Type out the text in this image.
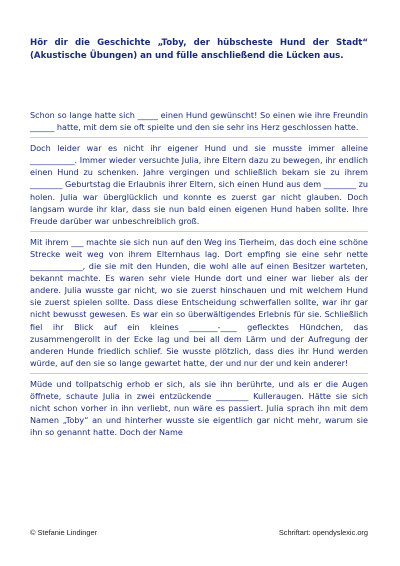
Hör dir die Geschichte „Toby, der hübscheste Hund der Stadt“ (Akustische Übungen) an und fülle anschließend die Lücken aus.

Schon so lange hatte sich _____ einen Hund gewünscht! So einen wie ihre Freundin ______ hatte, mit dem sie oft spielte und den sie sehr ins Herz geschlossen hatte.

Doch leider war es nicht ihr eigener Hund und sie musste immer alleine ___________. Immer wieder versuchte Julia, ihre Eltern dazu zu bewegen, ihr endlich einen Hund zu schenken. Jahre vergingen und schließlich bekam sie zu ihrem ________ Geburtstag die Erlaubnis ihrer Eltern, sich einen Hund aus dem ________ zu holen. Julia war überglücklich und konnte es zuerst gar nicht glauben. Doch langsam wurde ihr klar, dass sie nun bald einen eigenen Hund haben sollte. Ihre Freude darüber war unbeschreiblich groß.

Mit ihrem ___ machte sie sich nun auf den Weg ins Tierheim, das doch eine schöne Strecke weit weg von ihrem Elternhaus lag. Dort empfing sie eine sehr nette _____________, die sie mit den Hunden, die wohl alle auf einen Besitzer warteten, bekannt machte. Es waren sehr viele Hunde dort und einer war lieber als der andere. Julia wusste gar nicht, wo sie zuerst hinschauen und mit welchem Hund sie zuerst spielen sollte. Dass diese Entscheidung schwerfallen sollte, war ihr gar nicht bewusst gewesen. Es war ein so überwältigendes Erlebnis für sie. Schließlich fiel ihr Blick auf ein kleines _______-____ geflecktes Hündchen, das zusammengerollt in der Ecke lag und bei all dem Lärm und der Aufregung der anderen Hunde friedlich schlief. Sie wusste plötzlich, dass dies ihr Hund werden würde, auf den sie so lange gewartet hatte, der und nur der und kein anderer!

Müde und tollpatschig erhob er sich, als sie ihn berührte, und als er die Augen öffnete, schaute Julia in zwei entzückende ________ Kulleraugen. Hätte sie sich nicht schon vorher in ihn verliebt, nun wäre es passiert. Julia sprach ihn mit dem Namen „Toby“ an und hinterher wusste sie eigentlich gar nicht mehr, warum sie ihn so genannt hatte. Doch der Name

© Stefanie Lindinger	Schriftart: opendyslexic.org
